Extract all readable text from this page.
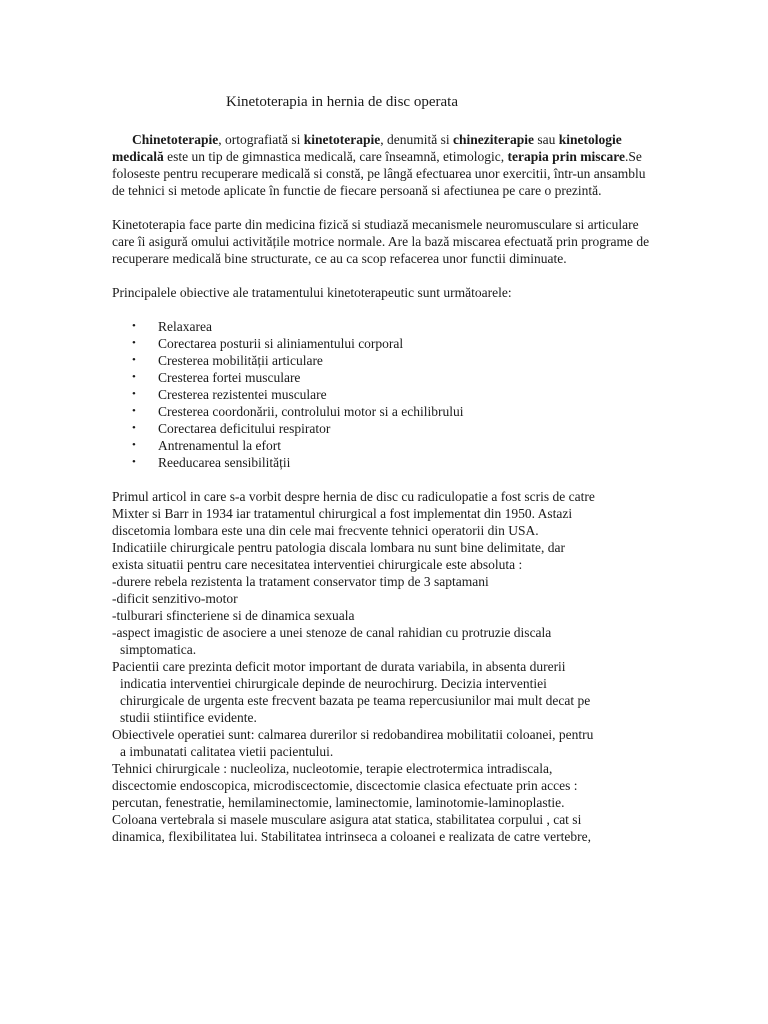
Kinetoterapia in hernia de disc operata

Chinetoterapie, ortografiată si kinetoterapie, denumită si chineziterapie sau kinetologie medicală este un tip de gimnastica medicală, care înseamnă, etimologic, terapia prin miscare.Se foloseste pentru recuperare medicală si constă, pe lângă efectuarea unor exercitii, într-un ansamblu de tehnici si metode aplicate în functie de fiecare persoană si afectiunea pe care o prezintă.

Kinetoterapia face parte din medicina fizică si studiază mecanismele neuromusculare si articulare care îi asigură omului activitățile motrice normale. Are la bază miscarea efectuată prin programe de recuperare medicală bine structurate, ce au ca scop refacerea unor functii diminuate.

Principalele obiective ale tratamentului kinetoterapeutic sunt următoarele:

• Relaxarea
• Corectarea posturii si aliniamentului corporal
• Cresterea mobilității articulare
• Cresterea fortei musculare
• Cresterea rezistentei musculare
• Cresterea coordonării, controlului motor si a echilibrului
• Corectarea deficitului respirator
• Antrenamentul la efort
• Reeducarea sensibilității
Primul articol in care s-a vorbit despre hernia de disc cu radiculopatie a fost scris de catre
Mixter si Barr in 1934 iar tratamentul chirurgical a fost implementat din 1950. Astazi
discetomia lombara este una din cele mai frecvente tehnici operatorii din USA.
Indicatiile chirurgicale pentru patologia discala lombara nu sunt bine delimitate, dar
exista situatii pentru care necesitatea interventiei chirurgicale este absoluta :
-durere rebela rezistenta la tratament conservator timp de 3 saptamani
-dificit senzitivo-motor
-tulburari sfincteriene si de dinamica sexuala
-aspect imagistic de asociere a unei stenoze de canal rahidian cu protruzie discala
simptomatica.
Pacientii care prezinta deficit motor important de durata variabila, in absenta durerii
indicatia interventiei chirurgicale depinde de neurochirurg. Decizia interventiei
chirurgicale de urgenta este frecvent bazata pe teama repercusiunilor mai mult decat pe
studii stiintifice evidente.
Obiectivele operatiei sunt: calmarea durerilor si redobandirea mobilitatii coloanei, pentru
a imbunatati calitatea vietii pacientului.
Tehnici chirurgicale : nucleoliza, nucleotomie, terapie electrotermica intradiscala,
discectomie endoscopica, microdiscectomie, discectomie clasica efectuate prin acces :
percutan, fenestratie, hemilaminectomie, laminectomie, laminotomie-laminoplastie.
Coloana vertebrala si masele musculare asigura atat statica, stabilitatea corpului , cat si
dinamica, flexibilitatea lui. Stabilitatea intrinseca a coloanei e realizata de catre vertebre,
